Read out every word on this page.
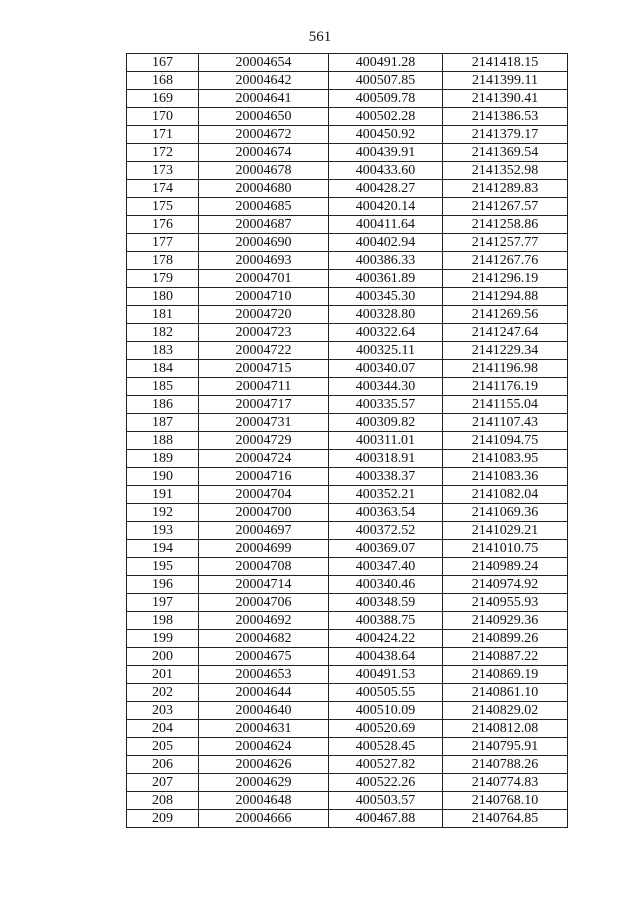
561
167	20004654	400491.28	2141418.15
168	20004642	400507.85	2141399.11
169	20004641	400509.78	2141390.41
170	20004650	400502.28	2141386.53
171	20004672	400450.92	2141379.17
172	20004674	400439.91	2141369.54
173	20004678	400433.60	2141352.98
174	20004680	400428.27	2141289.83
175	20004685	400420.14	2141267.57
176	20004687	400411.64	2141258.86
177	20004690	400402.94	2141257.77
178	20004693	400386.33	2141267.76
179	20004701	400361.89	2141296.19
180	20004710	400345.30	2141294.88
181	20004720	400328.80	2141269.56
182	20004723	400322.64	2141247.64
183	20004722	400325.11	2141229.34
184	20004715	400340.07	2141196.98
185	20004711	400344.30	2141176.19
186	20004717	400335.57	2141155.04
187	20004731	400309.82	2141107.43
188	20004729	400311.01	2141094.75
189	20004724	400318.91	2141083.95
190	20004716	400338.37	2141083.36
191	20004704	400352.21	2141082.04
192	20004700	400363.54	2141069.36
193	20004697	400372.52	2141029.21
194	20004699	400369.07	2141010.75
195	20004708	400347.40	2140989.24
196	20004714	400340.46	2140974.92
197	20004706	400348.59	2140955.93
198	20004692	400388.75	2140929.36
199	20004682	400424.22	2140899.26
200	20004675	400438.64	2140887.22
201	20004653	400491.53	2140869.19
202	20004644	400505.55	2140861.10
203	20004640	400510.09	2140829.02
204	20004631	400520.69	2140812.08
205	20004624	400528.45	2140795.91
206	20004626	400527.82	2140788.26
207	20004629	400522.26	2140774.83
208	20004648	400503.57	2140768.10
209	20004666	400467.88	2140764.85
